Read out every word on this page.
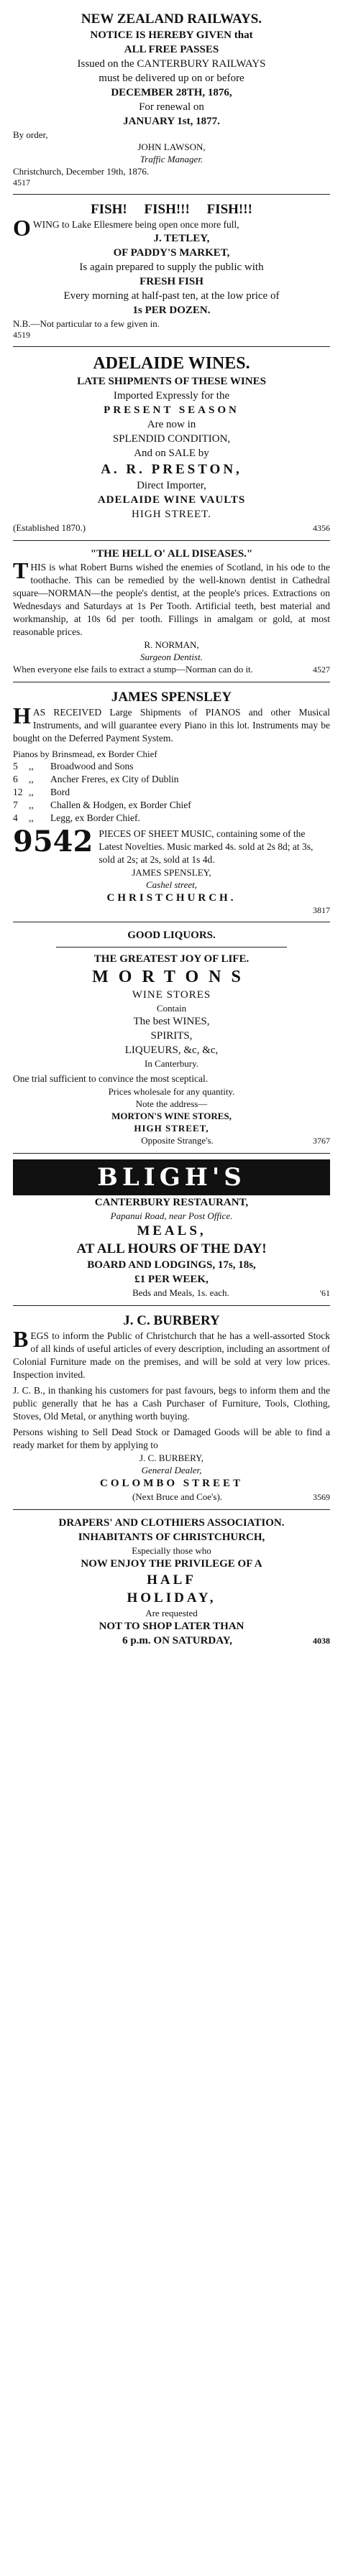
NEW ZEALAND RAILWAYS.
NOTICE IS HEREBY GIVEN that
ALL FREE PASSES
Issued on the CANTERBURY RAILWAYS
must be delivered up on or before
DECEMBER 28TH, 1876,
For renewal on
JANUARY 1st, 1877.
By order,
JOHN LAWSON,
Traffic Manager.
Christchurch, December 19th, 1876.
4517
FISH!     FISH!!!     FISH!!!
OWING to Lake Ellesmere being open once more full,
J. TETLEY,
OF PADDY'S MARKET,
Is again prepared to supply the public with
FRESH FISH
Every morning at half-past ten, at the low price of
1s PER DOZEN.
N.B.—Not particular to a few given in.
4519
ADELAIDE WINES.
LATE SHIPMENTS OF THESE WINES
Imported Expressly for the
PRESENT SEASON
Are now in
SPLENDID CONDITION,
And on SALE by
A. R. PRESTON,
Direct Importer,
ADELAIDE WINE VAULTS
HIGH STREET.
(Established 1870.)	4356
"THE HELL O' ALL DISEASES."
THIS is what Robert Burns wished the enemies of Scotland, in his ode to the toothache. This can be remedied by the well-known dentist in Cathedral square—NORMAN—the people's dentist, at the people's prices. Extractions on Wednesdays and Saturdays at 1s Per Tooth. Artificial teeth, best material and workmanship, at 10s 6d per tooth. Fillings in amalgam or gold, at most reasonable prices.
R. NORMAN,
Surgeon Dentist.
When everyone else fails to extract a stump—Norman can do it.	4527
JAMES SPENSLEY
HAS RECEIVED Large Shipments of PIANOS and other Musical Instruments, and will guarantee every Piano in this lot. Instruments may be bought on the Deferred Payment System.
Pianos by Brinsmead, ex Border Chief
5	,,	Broadwood and Sons
6	,,	Ancher Freres, ex City of Dublin
12 ,,	Bord
7	,,	Challen & Hodgen, ex Border Chief
4	,,	Legg, ex Border Chief.
9542 PIECES OF SHEET MUSIC, containing some of the Latest Novelties. Music marked 4s. sold at 2s 8d; at 3s, sold at 2s; at 2s, sold at 1s 4d.
JAMES SPENSLEY,
Cashel street,
CHRISTCHURCH.
3817
GOOD LIQUORS.
THE GREATEST JOY OF LIFE.
MORTONS
WINE STORES
Contain
The best WINES,
SPIRITS,
LIQUEURS, &c, &c,
In Canterbury.
One trial sufficient to convince the most sceptical.
Prices wholesale for any quantity.
Note the address—
MORTON'S WINE STORES,
HIGH STREET,
Opposite Strange's.	3767
BLIGH'S
CANTERBURY RESTAURANT,
Papanui Road, near Post Office.
MEALS,
AT ALL HOURS OF THE DAY!
BOARD AND LODGINGS, 17s, 18s,
£1 PER WEEK,
Beds and Meals, 1s. each.	'61
J. C. BURBERY
BEGS to inform the Public of Christchurch that he has a well-assorted Stock of all kinds of useful articles of every description, including an assortment of Colonial Furniture made on the premises, and will be sold at very low prices. Inspection invited.
J. C. B., in thanking his customers for past favours, begs to inform them and the public generally that he has a Cash Purchaser of Furniture, Tools, Clothing, Stoves, Old Metal, or anything worth buying.
Persons wishing to Sell Dead Stock or Damaged Goods will be able to find a ready market for them by applying to
J. C. BURBERY,
General Dealer,
COLOMBO STREET
(Next Bruce and Coe's).	3569
DRAPERS' AND CLOTHIERS ASSOCIATION.
INHABITANTS OF CHRISTCHURCH,
Especially those who
NOW ENJOY THE PRIVILEGE OF A
HALF
HOLIDAY,
Are requested
NOT TO SHOP LATER THAN
6 p.m. ON SATURDAY,	4038
